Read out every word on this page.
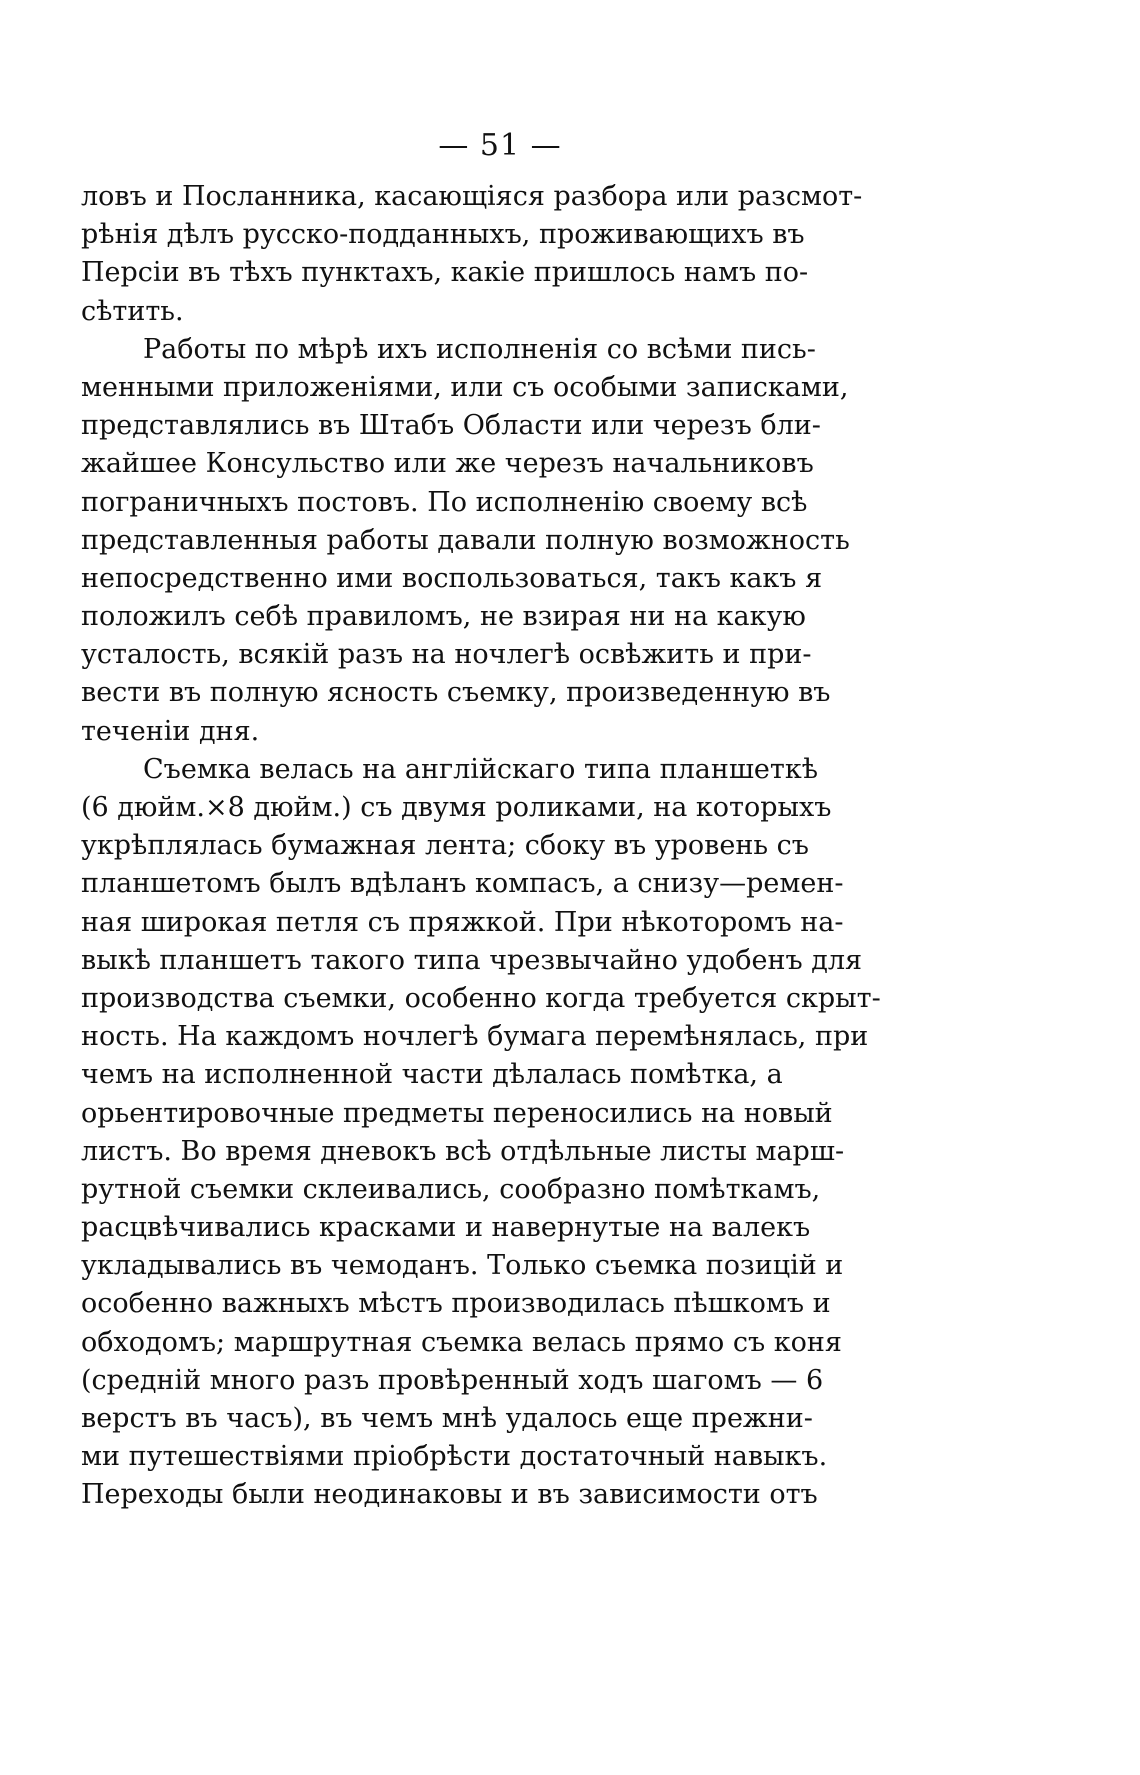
— 51 —
ловъ и Посланника, касающіяся разбора или разсмот-
рѣнія дѣлъ русско-подданныхъ, проживающихъ въ
Персіи въ тѣхъ пунктахъ, какіе пришлось намъ по-
сѣтить.
Работы по мѣрѣ ихъ исполненія со всѣми пись-
менными приложеніями, или съ особыми записками,
представлялись въ Штабъ Области или черезъ бли-
жайшее Консульство или же черезъ начальниковъ
пограничныхъ постовъ. По исполненію своему всѣ
представленныя работы давали полную возможность
непосредственно ими воспользоваться, такъ какъ я
положилъ себѣ правиломъ, не взирая ни на какую
усталость, всякій разъ на ночлегѣ освѣжить и при-
вести въ полную ясность съемку, произведенную въ
теченіи дня.
Съемка велась на англійскаго типа планшеткѣ
(6 дюйм.×8 дюйм.) съ двумя роликами, на которыхъ
укрѣплялась бумажная лента; сбоку въ уровень съ
планшетомъ былъ вдѣланъ компасъ, а снизу—ремен-
ная широкая петля съ пряжкой. При нѣкоторомъ на-
выкѣ планшетъ такого типа чрезвычайно удобенъ для
производства съемки, особенно когда требуется скрыт-
ность. На каждомъ ночлегѣ бумага перемѣнялась, при
чемъ на исполненной части дѣлалась помѣтка, а
орьентировочные предметы переносились на новый
листъ. Во время дневокъ всѣ отдѣльные листы марш-
рутной съемки склеивались, сообразно помѣткамъ,
расцвѣчивались красками и навернутые на валекъ
укладывались въ чемоданъ. Только съемка позицій и
особенно важныхъ мѣстъ производилась пѣшкомъ и
обходомъ; маршрутная съемка велась прямо съ коня
(средній много разъ провѣренный ходъ шагомъ — 6
верстъ въ часъ), въ чемъ мнѣ удалось еще прежни-
ми путешествіями пріобрѣсти достаточный навыкъ.
Переходы были неодинаковы и въ зависимости отъ
